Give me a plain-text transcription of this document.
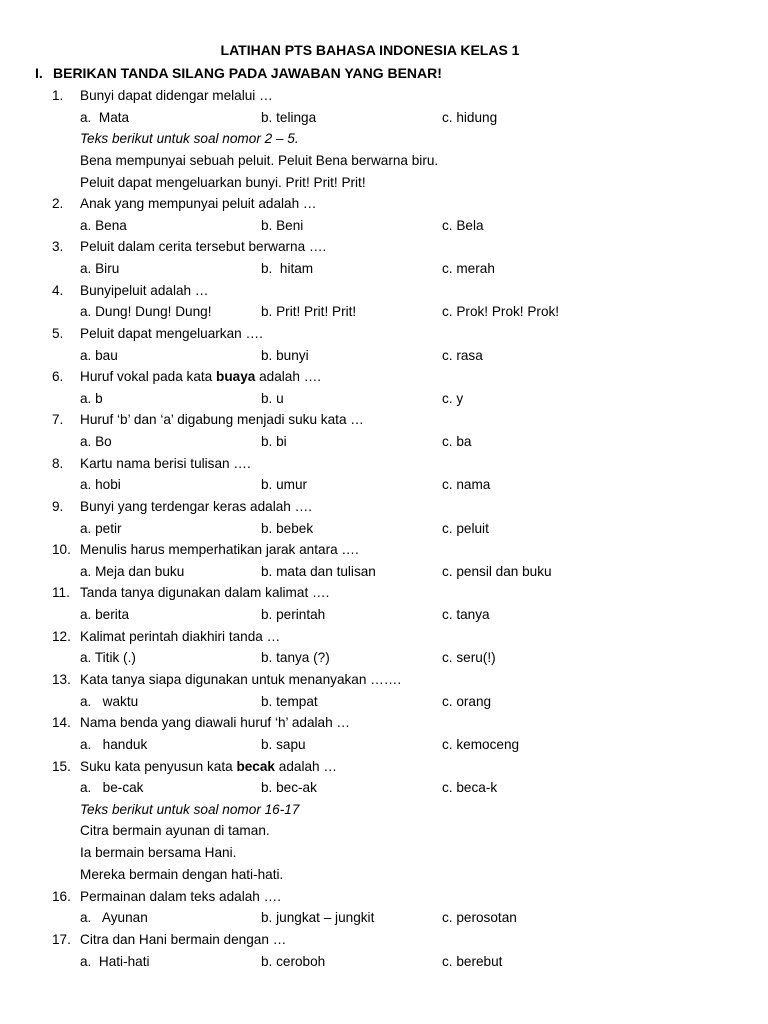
LATIHAN PTS BAHASA INDONESIA KELAS 1
I. BERIKAN TANDA SILANG PADA JAWABAN YANG BENAR!
1.	Bunyi dapat didengar melalui …
a.  Mata	b. telinga	c. hidung
Teks berikut untuk soal nomor 2 – 5.
Bena mempunyai sebuah peluit. Peluit Bena berwarna biru.
Peluit dapat mengeluarkan bunyi. Prit! Prit! Prit!
2.	Anak yang mempunyai peluit adalah …
a. Bena	b. Beni	c. Bela
3.	Peluit dalam cerita tersebut berwarna ….
a. Biru	b.  hitam	c. merah
4.	Bunyipeluit adalah …
a. Dung! Dung! Dung!	b. Prit! Prit! Prit!	c. Prok! Prok! Prok!
5.	Peluit dapat mengeluarkan ….
a. bau	b. bunyi	c. rasa
6.	Huruf vokal pada kata buaya adalah ….
a. b	b. u	c. y
7.	Huruf ‘b’ dan ‘a’ digabung menjadi suku kata …
a. Bo	b. bi	c. ba
8.	Kartu nama berisi tulisan ….
a. hobi	b. umur	c. nama
9.	Bunyi yang terdengar keras adalah ….
a. petir	b. bebek	c. peluit
10. Menulis harus memperhatikan jarak antara ….
a. Meja dan buku	b. mata dan tulisan	c. pensil dan buku
11. Tanda tanya digunakan dalam kalimat ….
a. berita	b. perintah	c. tanya
12. Kalimat perintah diakhiri tanda …
a. Titik (.)	b. tanya (?)	c. seru(!)
13. Kata tanya siapa digunakan untuk menanyakan …….
a.   waktu	b. tempat	c. orang
14. Nama benda yang diawali huruf ‘h’ adalah …
a.   handuk	b. sapu	c. kemoceng
15. Suku kata penyusun kata becak adalah …
a.   be-cak	b. bec-ak	c. beca-k
Teks berikut untuk soal nomor 16-17
Citra bermain ayunan di taman.
Ia bermain bersama Hani.
Mereka bermain dengan hati-hati.
16. Permainan dalam teks adalah ….
a.   Ayunan	b. jungkat – jungkit	c. perosotan
17. Citra dan Hani bermain dengan …
a.  Hati-hati	b. ceroboh	c. berebut
